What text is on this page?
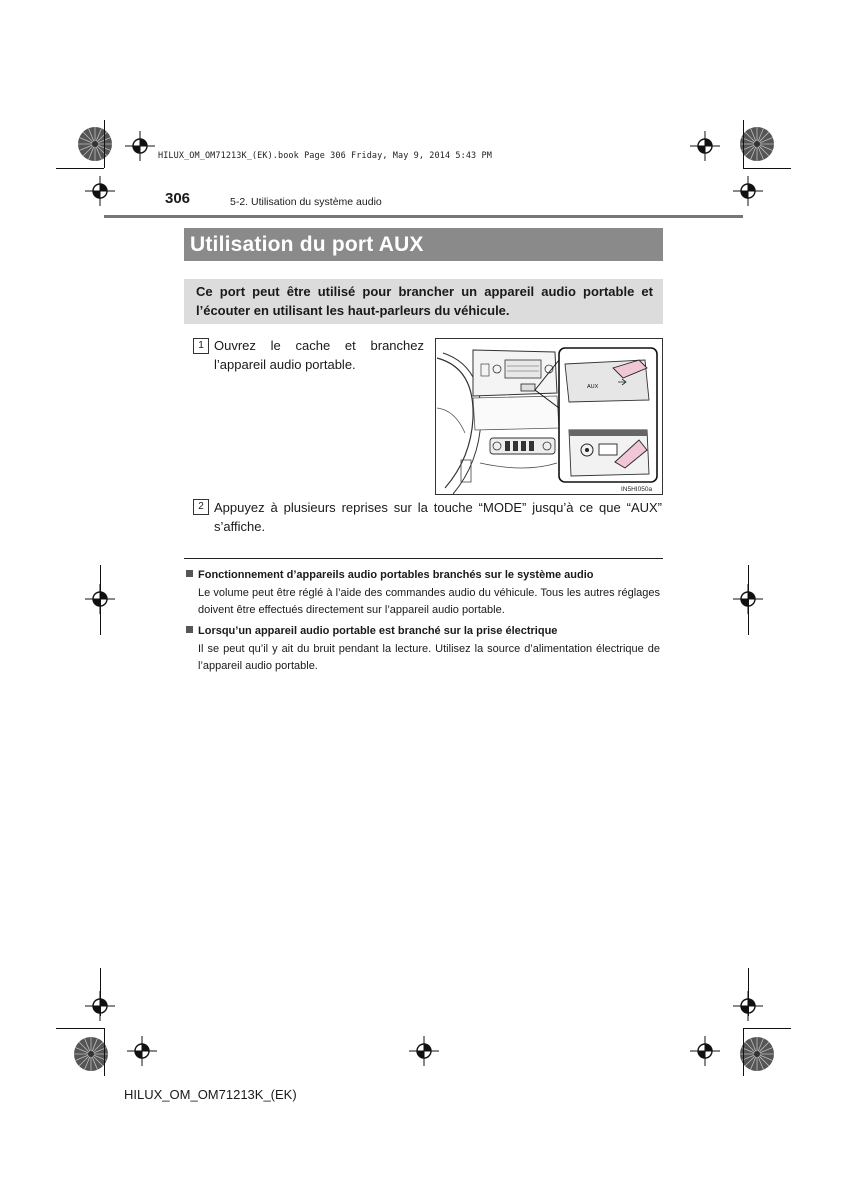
HILUX_OM_OM71213K_(EK).book Page 306 Friday, May 9, 2014 5:43 PM
306	5-2. Utilisation du système audio
Utilisation du port AUX
Ce port peut être utilisé pour brancher un appareil audio portable et l’écouter en utilisant les haut-parleurs du véhicule.
1 Ouvrez le cache et branchez l’appareil audio portable.
AUX
IN5HI050a
2 Appuyez à plusieurs reprises sur la touche “MODE” jusqu’à ce que “AUX” s’affiche.
Fonctionnement d’appareils audio portables branchés sur le système audio
Le volume peut être réglé à l’aide des commandes audio du véhicule. Tous les autres réglages doivent être effectués directement sur l’appareil audio portable.
Lorsqu’un appareil audio portable est branché sur la prise électrique
Il se peut qu’il y ait du bruit pendant la lecture. Utilisez la source d’alimentation électrique de l’appareil audio portable.
HILUX_OM_OM71213K_(EK)
